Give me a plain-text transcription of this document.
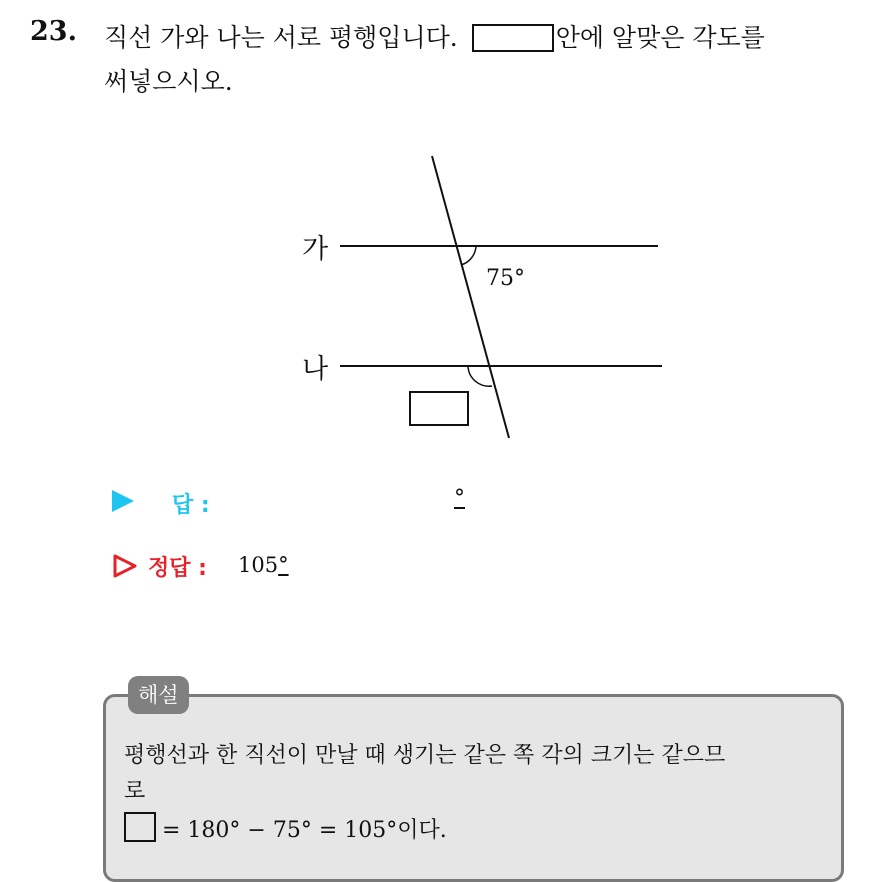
23. 직선 가와 나는 서로 평행입니다.	안에 알맞은 각도를
써넣으시오.
가
나
75°
답 :	°
정답 : 105°
해설
평행선과 한 직선이 만날 때 생기는 같은 쪽 각의 크기는 같으므
로
= 180° − 75° = 105°이다.
